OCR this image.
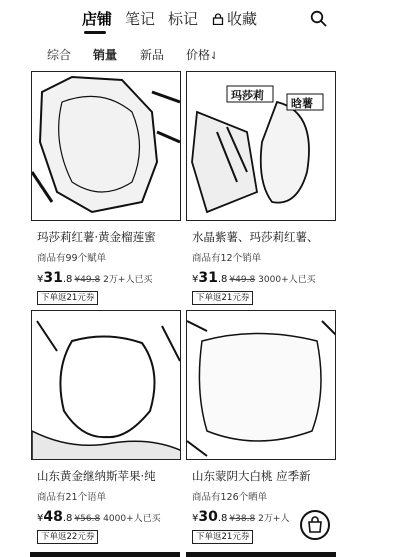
店铺 笔记 标记 收藏
综合 销量 新品 价格⇃
玛莎莉红薯·黄金榴莲蜜
商品有99个赋单
¥31.8 ¥49.8 2万+人已买
下单返21元券
玛莎莉
晗薯
水晶紫薯、玛莎莉红薯、
商品有12个销单
¥31.8 ¥49.8 3000+人已买
下单返21元券
山东黄金继纳斯苹果·纯
商品有21个语单
¥48.8 ¥56.8 4000+人已买
下单返22元券
山东蒙阴大白桃 应季新
商品有126个晒单
¥30.8 ¥38.8 2万+人
下单返21元券
